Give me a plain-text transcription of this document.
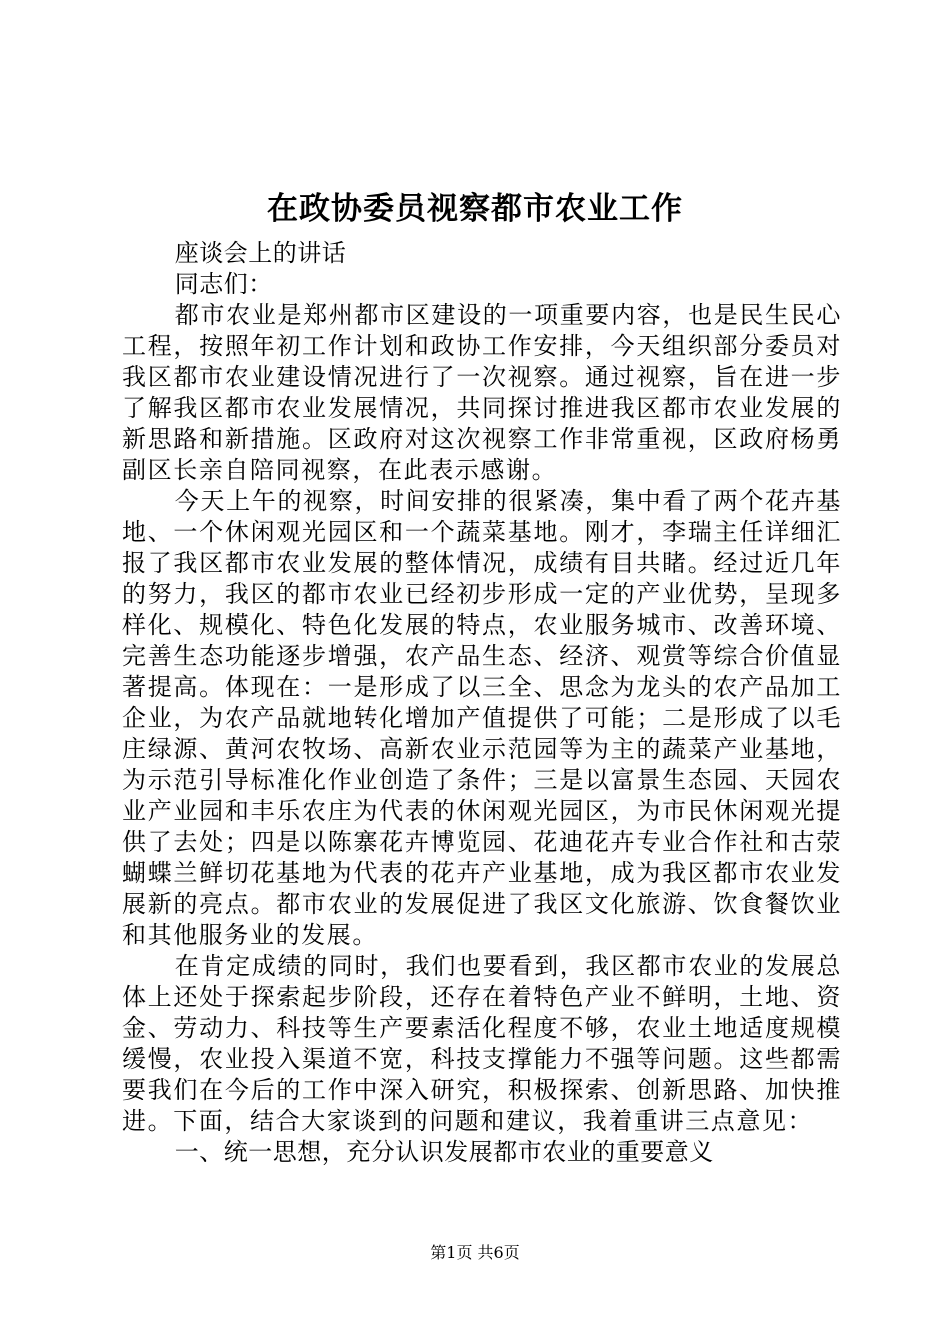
在政协委员视察都市农业工作

座谈会上的讲话

同志们：

都市农业是郑州都市区建设的一项重要内容，也是民生民心工程，按照年初工作计划和政协工作安排，今天组织部分委员对我区都市农业建设情况进行了一次视察。通过视察，旨在进一步了解我区都市农业发展情况，共同探讨推进我区都市农业发展的新思路和新措施。区政府对这次视察工作非常重视，区政府杨勇副区长亲自陪同视察，在此表示感谢。

今天上午的视察，时间安排的很紧凑，集中看了两个花卉基地、一个休闲观光园区和一个蔬菜基地。刚才，李瑞主任详细汇报了我区都市农业发展的整体情况，成绩有目共睹。经过近几年的努力，我区的都市农业已经初步形成一定的产业优势，呈现多样化、规模化、特色化发展的特点，农业服务城市、改善环境、完善生态功能逐步增强，农产品生态、经济、观赏等综合价值显著提高。体现在：一是形成了以三全、思念为龙头的农产品加工企业，为农产品就地转化增加产值提供了可能；二是形成了以毛庄绿源、黄河农牧场、高新农业示范园等为主的蔬菜产业基地，为示范引导标准化作业创造了条件；三是以富景生态园、天园农业产业园和丰乐农庄为代表的休闲观光园区，为市民休闲观光提供了去处；四是以陈寨花卉博览园、花迪花卉专业合作社和古荥蝴蝶兰鲜切花基地为代表的花卉产业基地，成为我区都市农业发展新的亮点。都市农业的发展促进了我区文化旅游、饮食餐饮业和其他服务业的发展。

在肯定成绩的同时，我们也要看到，我区都市农业的发展总体上还处于探索起步阶段，还存在着特色产业不鲜明，土地、资金、劳动力、科技等生产要素活化程度不够，农业土地适度规模缓慢，农业投入渠道不宽，科技支撑能力不强等问题。这些都需要我们在今后的工作中深入研究，积极探索、创新思路、加快推进。下面，结合大家谈到的问题和建议，我着重讲三点意见：

一、统一思想，充分认识发展都市农业的重要意义

第1页 共6页
